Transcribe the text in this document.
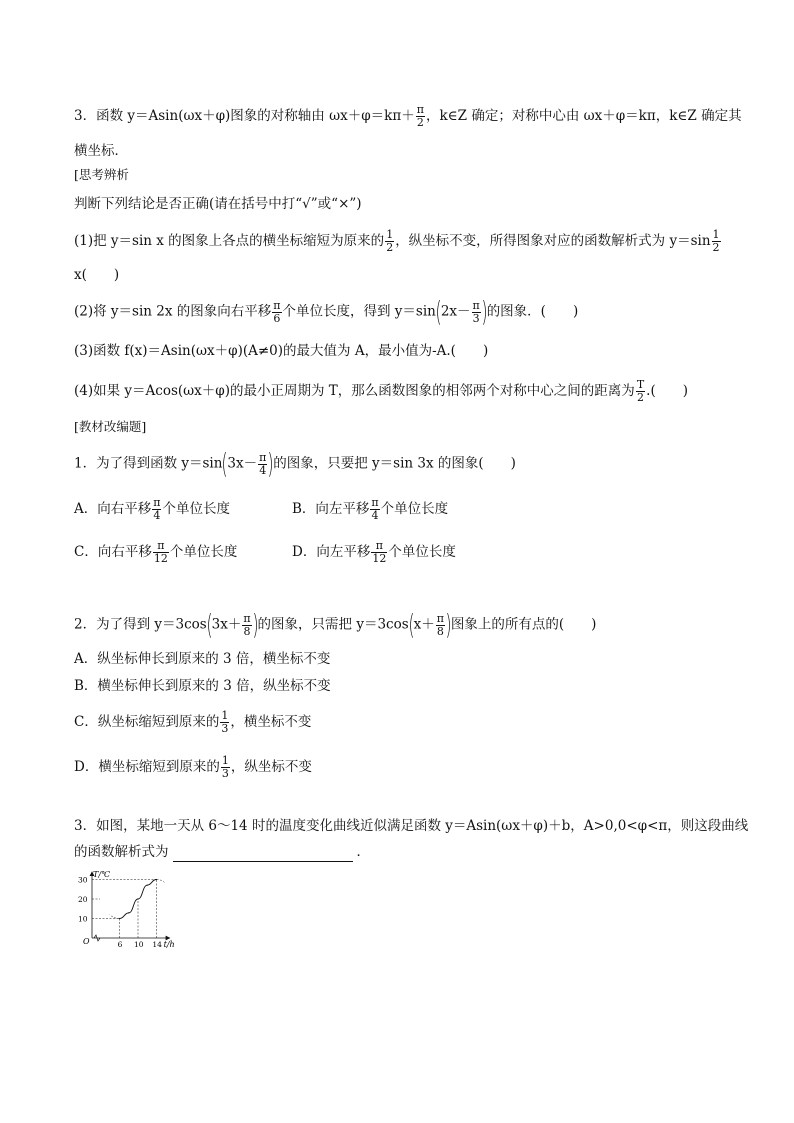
3．函数 y＝Asin(ωx＋φ)图象的对称轴由 $\omega x+\varphi=k\pi+ \frac{\pi}{2}$ ，k∈Z 确定；对称中心由 ωx＋φ＝kπ，k∈Z 确定其
横坐标．
[思考辨析
判断下列结论是否正确(请在括号中打“√”或“×”)
(1)把 y＝sin x 的图象上各点的横坐标缩短为原来的 $\frac{1}{2}$ ，纵坐标不变，所得图象对应的函数解析式为 $y=\sin \frac{1}{2}$
x(　　)
(2)将 y＝sin 2x 的图象向右平移 $\frac{\pi}{6}$ 个单位长度，得到 $y=\sin(2x- \frac{\pi}{3}$ )的图象．(　　)
(3)函数 f(x)＝Asin(ωx＋φ)(A≠0)的最大值为 A，最小值为-A.(　　)
(4)如果 y＝Acos(ωx＋φ)的最小正周期为 T，那么函数图象的相邻两个对称中心之间的距离为 $\frac{T}{2}$ .(　　)
[教材改编题]
1．为了得到函数 $y=\sin(3x- \frac{\pi}{4}$ )的图象，只要把 y＝sin 3x 的图象(　　)
A．向右平移 $\frac{\pi}{4}$ 个单位长度	B．向左平移 $\frac{\pi}{4}$ 个单位长度
C．向右平移 $\frac{\pi}{12}$ 个单位长度	D．向左平移 $\frac{\pi}{12}$ 个单位长度
2．为了得到 $y=3\cos(3x+ \frac{\pi}{8}$ )的图象，只需把 $y=3\cos(x+ \frac{\pi}{8}$ )图象上的所有点的(　　)
A．纵坐标伸长到原来的 3 倍，横坐标不变
B．横坐标伸长到原来的 3 倍，纵坐标不变
C．纵坐标缩短到原来的 $\frac{1}{3}$ ，横坐标不变
D．横坐标缩短到原来的 $\frac{1}{3}$ ，纵坐标不变
3．如图，某地一天从 6～14 时的温度变化曲线近似满足函数 y＝Asin(ωx＋φ)＋b，A>0,0<φ<π，则这段曲线
的函数解析式为	．
T/℃
t/h
O
10
20
30
6 10 14
